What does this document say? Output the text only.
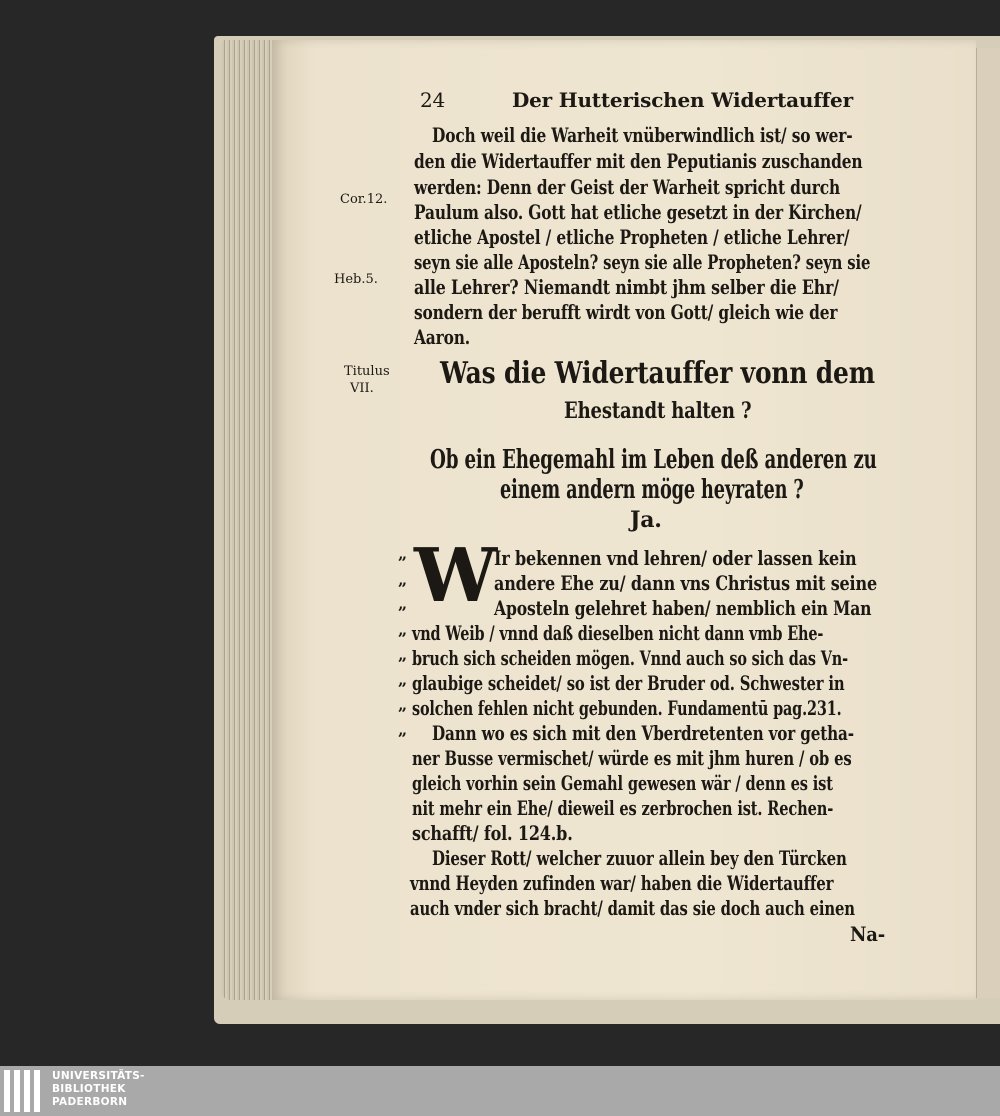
24	Der Hutterischen Widertauffer
Cor.12.
Heb.5.
Titulus
VII.
Doch weil die Warheit vnüberwindlich ist/ so wer-
den die Widertauffer mit den Peputianis zuschanden
werden: Denn der Geist der Warheit spricht durch
Paulum also. Gott hat etliche gesetzt in der Kirchen/
etliche Apostel / etliche Propheten / etliche Lehrer/
seyn sie alle Aposteln? seyn sie alle Propheten? seyn sie
alle Lehrer? Niemandt nimbt jhm selber die Ehr/
sondern der berufft wirdt von Gott/ gleich wie der
Aaron.
Was die Widertauffer vonn dem
Ehestandt halten ?
Ob ein Ehegemahl im Leben deß anderen zu
einem andern möge heyraten ?
Ja.
W
„
„
„
„
„
„
„
„
Ir bekennen vnd lehren/ oder lassen kein
andere Ehe zu/ dann vns Christus mit seine
Aposteln gelehret haben/ nemblich ein Man
vnd Weib / vnnd daß dieselben nicht dann vmb Ehe-
bruch sich scheiden mögen. Vnnd auch so sich das Vn-
glaubige scheidet/ so ist der Bruder od. Schwester in
solchen fehlen nicht gebunden. Fundamentū pag.231.
Dann wo es sich mit den Vberdretenten vor getha-
ner Busse vermischet/ würde es mit jhm huren / ob es
gleich vorhin sein Gemahl gewesen wär / denn es ist
nit mehr ein Ehe/ dieweil es zerbrochen ist. Rechen-
schafft/ fol. 124.b.
Dieser Rott/ welcher zuuor allein bey den Türcken
vnnd Heyden zufinden war/ haben die Widertauffer
auch vnder sich bracht/ damit das sie doch auch einen
Na-
UNIVERSITÄTS-
BIBLIOTHEK
PADERBORN
